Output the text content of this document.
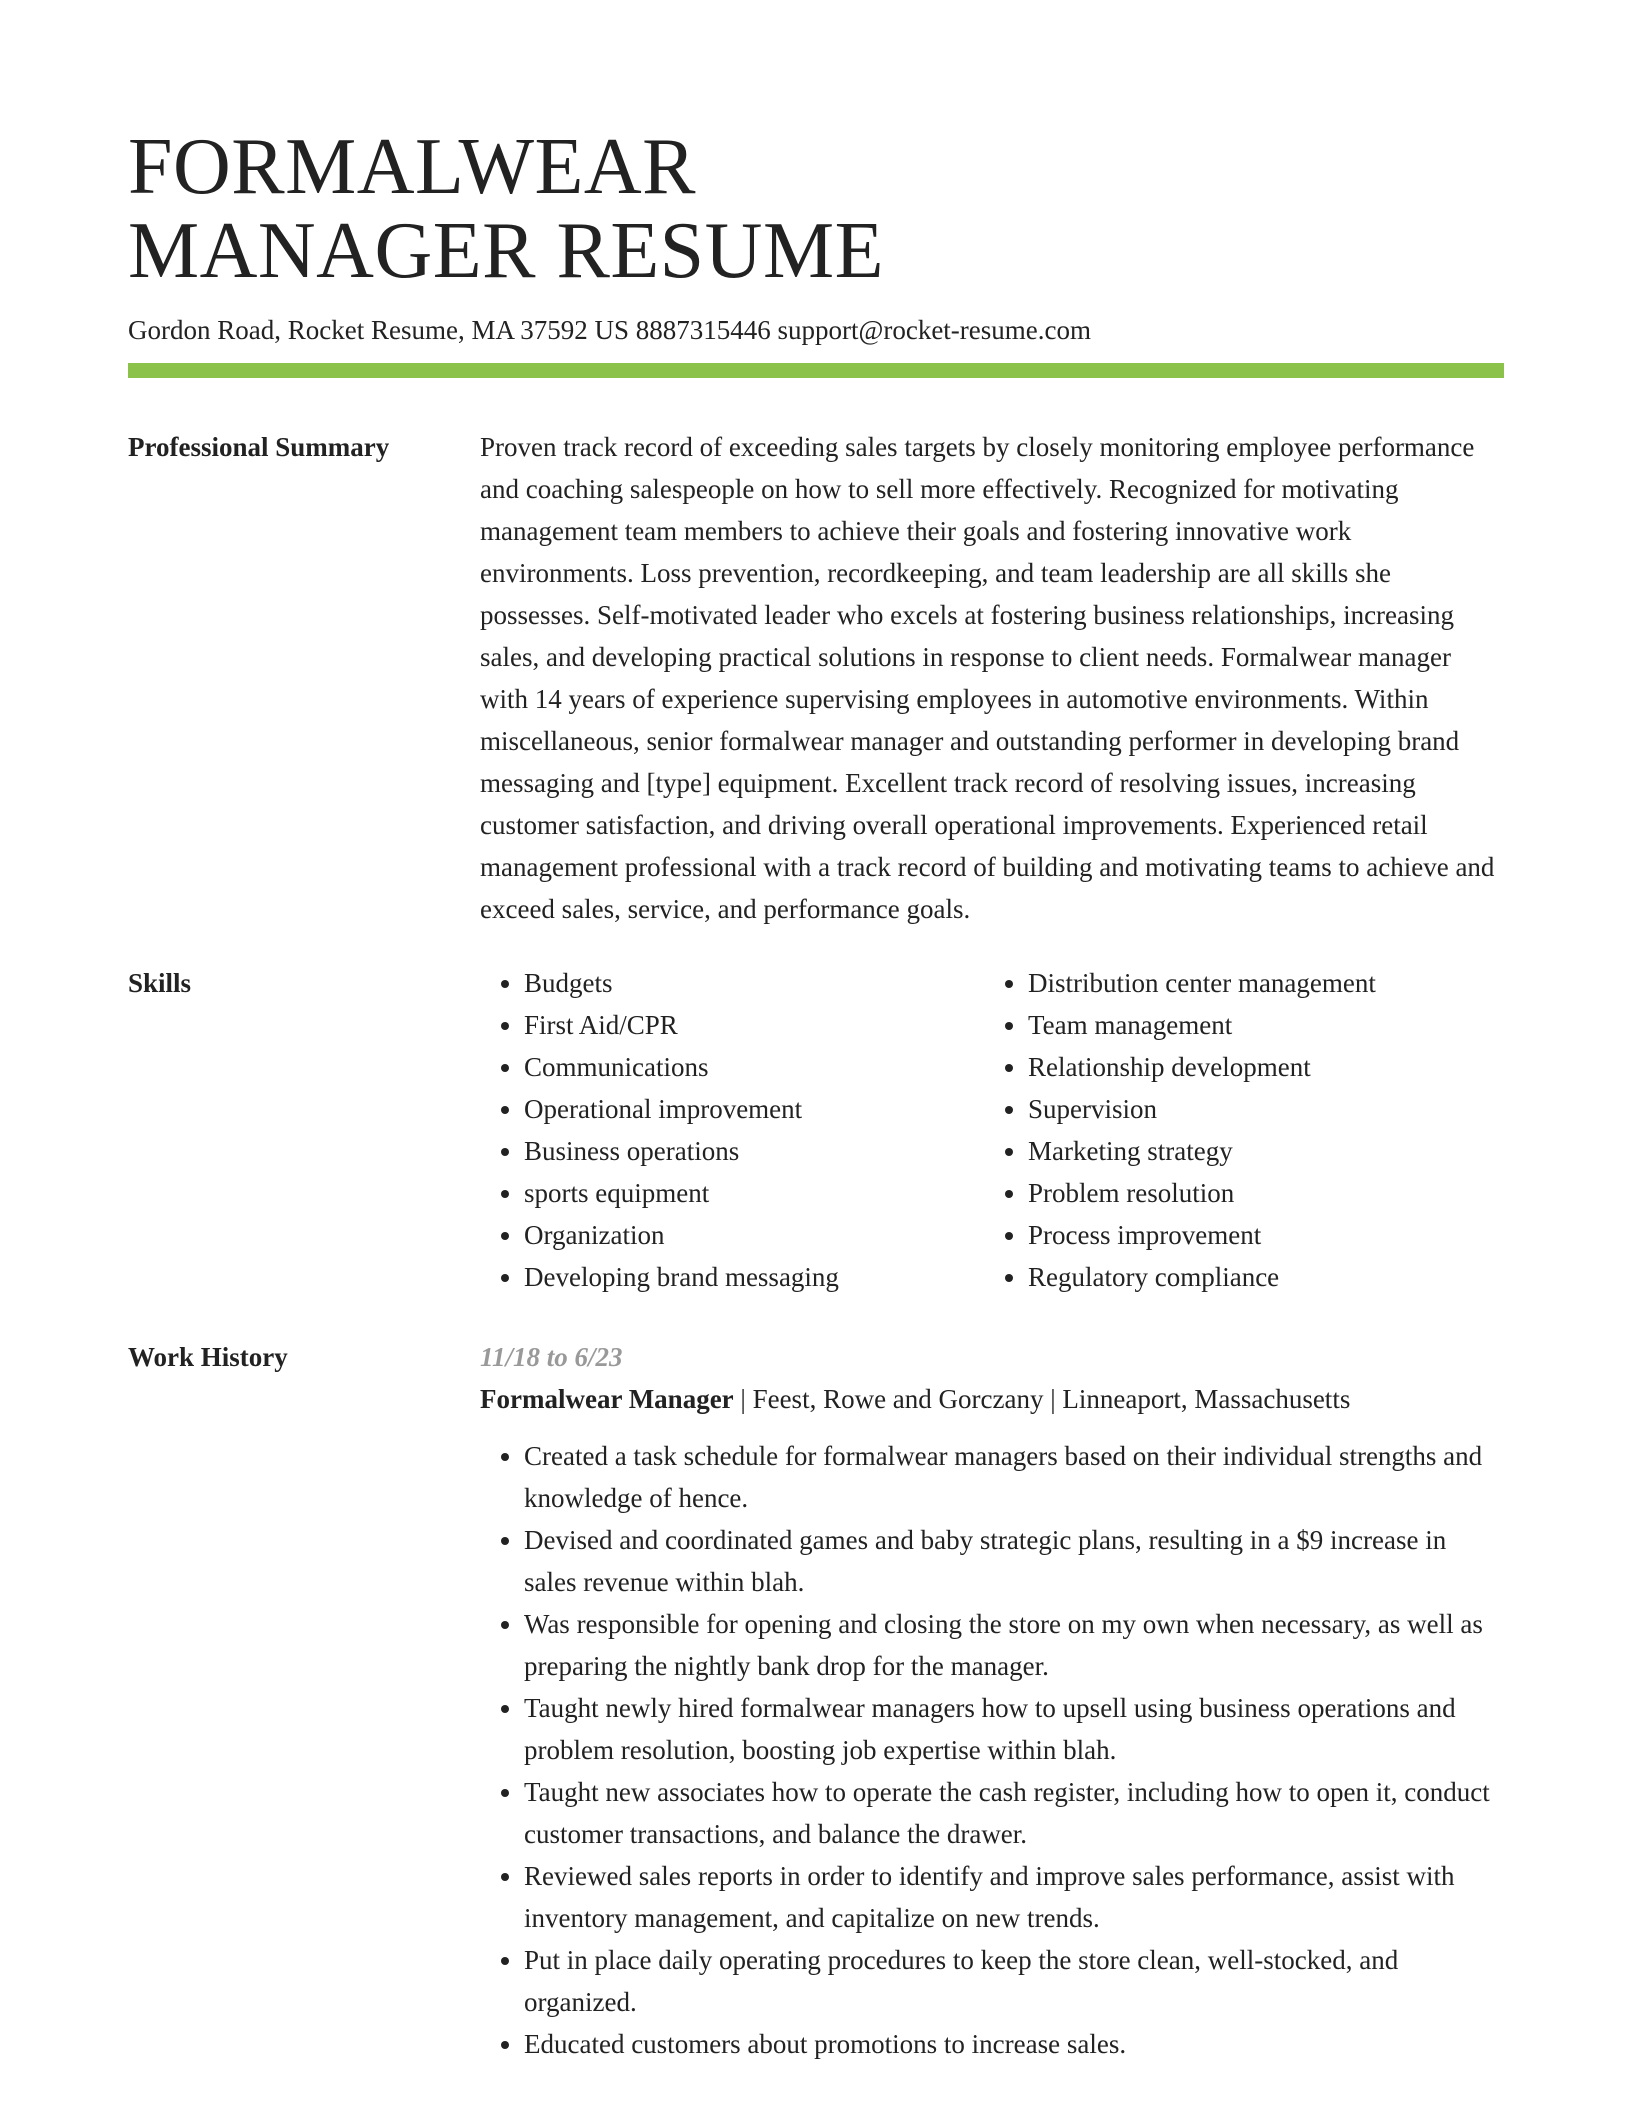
FORMALWEAR
MANAGER RESUME
Gordon Road, Rocket Resume, MA 37592 US 8887315446 support@rocket-resume.com
Professional Summary	Proven track record of exceeding sales targets by closely monitoring employee performance and coaching salespeople on how to sell more effectively. Recognized for motivating management team members to achieve their goals and fostering innovative work environments. Loss prevention, recordkeeping, and team leadership are all skills she possesses. Self-motivated leader who excels at fostering business relationships, increasing sales, and developing practical solutions in response to client needs. Formalwear manager with 14 years of experience supervising employees in automotive environments. Within miscellaneous, senior formalwear manager and outstanding performer in developing brand messaging and [type] equipment. Excellent track record of resolving issues, increasing customer satisfaction, and driving overall operational improvements. Experienced retail management professional with a track record of building and motivating teams to achieve and exceed sales, service, and performance goals.

Skills
•	Budgets
• First Aid/CPR
• Communications
• Operational improvement
• Business operations
• sports equipment
• Organization
• Developing brand messaging
• Distribution center management
• Team management
• Relationship development
• Supervision
• Marketing strategy
• Problem resolution
• Process improvement
• Regulatory compliance
Work History	11/18 to 6/23
Formalwear Manager | Feest, Rowe and Gorczany | Linneaport, Massachusetts
• Created a task schedule for formalwear managers based on their individual strengths and knowledge of hence.
• Devised and coordinated games and baby strategic plans, resulting in a $9 increase in sales revenue within blah.
• Was responsible for opening and closing the store on my own when necessary, as well as preparing the nightly bank drop for the manager.
• Taught newly hired formalwear managers how to upsell using business operations and problem resolution, boosting job expertise within blah.
• Taught new associates how to operate the cash register, including how to open it, conduct customer transactions, and balance the drawer.
• Reviewed sales reports in order to identify and improve sales performance, assist with inventory management, and capitalize on new trends.
• Put in place daily operating procedures to keep the store clean, well-stocked, and organized.
• Educated customers about promotions to increase sales.
